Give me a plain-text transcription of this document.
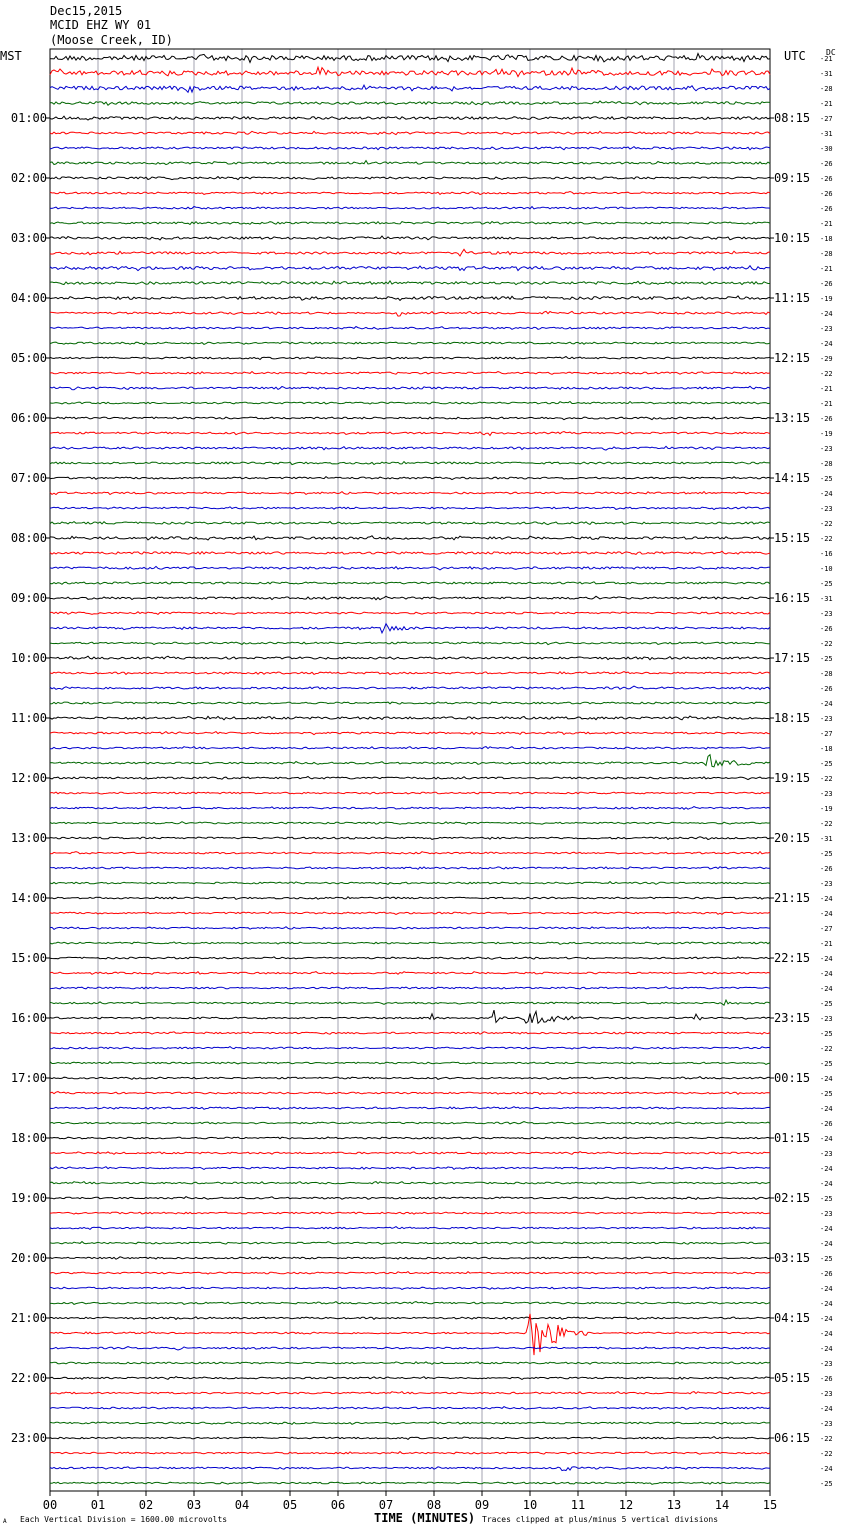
Dec15,2015
MCID EHZ WY 01
(Moose Creek, ID)
MST	UTC	DC
-21
-31
-28
-21
-27
-31
-30
-26
-26
-26
-26
-21
-18
-28
-21
-26
-19
-24
-23
-24
-29
-22
-21
-21
-26
-19
-23
-28
-25
-24
-23
-22
-22
-16
-10
-25
-31
-23
-26
-22
-25
-28
-26
-24
-23
-27
-18
-25
-22
-23
-19
-22
-31
-25
-26
-23
-24
-24
-27
-21
-24
-24
-24
-25
-23
-25
-22
-25
-24
-25
-24
-26
-24
-23
-24
-24
-25
-23
-24
-24
-25
-26
-24
-24
-24
-24
-24
-23
-26
-23
-24
-23
-22
-22
-24
-25
01:00
02:00
03:00
04:00
05:00
06:00
07:00
08:00
09:00
10:00
11:00
12:00
13:00
14:00
15:00
16:00
17:00
18:00
19:00
20:00
21:00
22:00
23:00
08:15
09:15
10:15
11:15
12:15
13:15
14:15
15:15
16:15
17:15
18:15
19:15
20:15
21:15
22:15
23:15
00:15
01:15
02:15
03:15
04:15
05:15
06:15
00	01	02	03	04	05	06	07	08	09	10	11	12	13	14	15
TIME (MINUTES)
Each Vertical Division = 1600.00 microvolts	Traces clipped at plus/minus 5 vertical divisions
A
